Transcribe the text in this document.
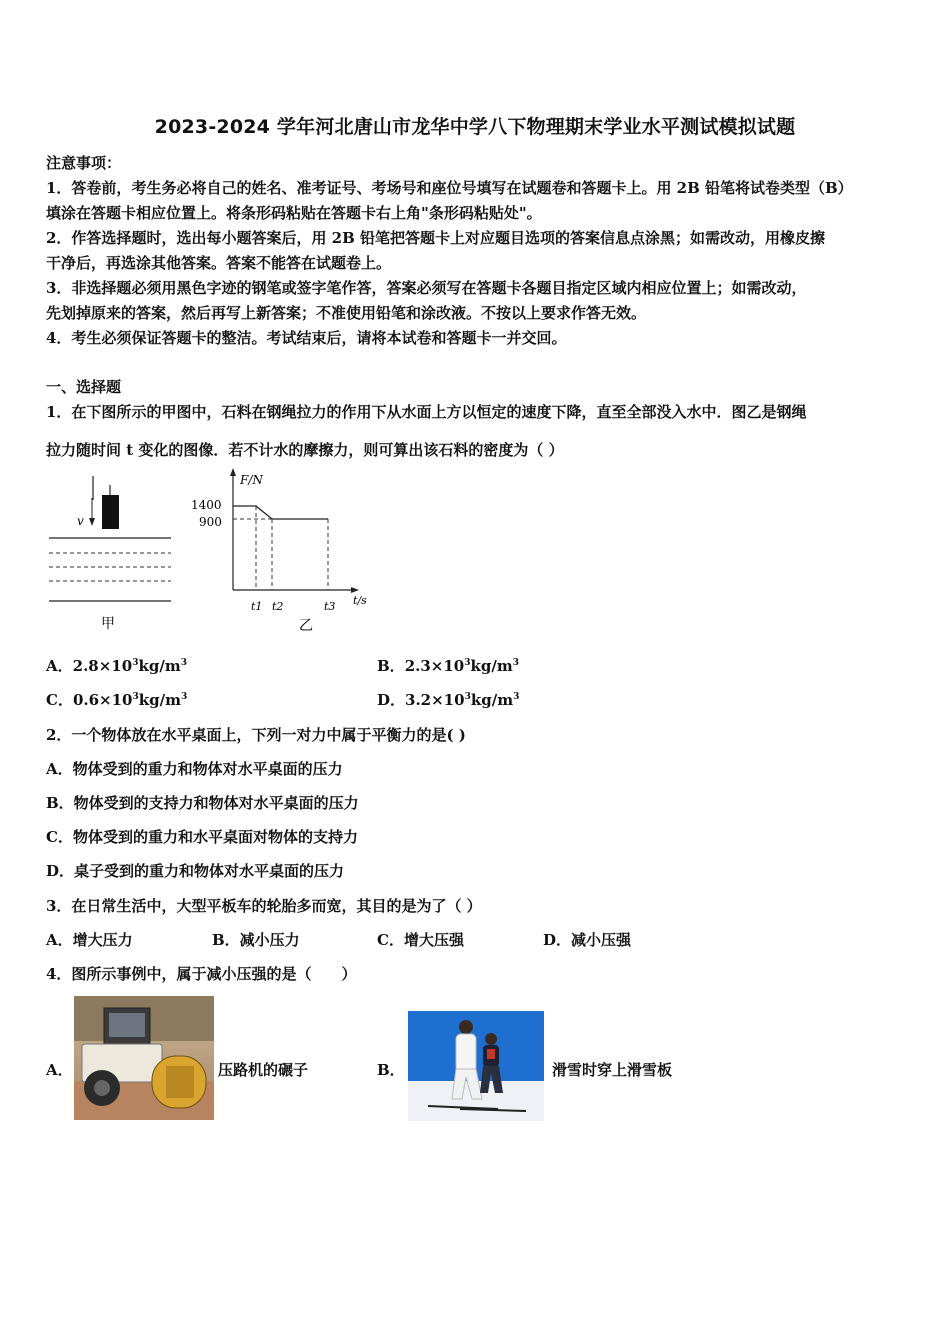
2023-2024 学年河北唐山市龙华中学八下物理期末学业水平测试模拟试题
注意事项：
1．答卷前，考生务必将自己的姓名、准考证号、考场号和座位号填写在试题卷和答题卡上。用 2B 铅笔将试卷类型（B）
填涂在答题卡相应位置上。将条形码粘贴在答题卡右上角"条形码粘贴处"。
2．作答选择题时，选出每小题答案后，用 2B 铅笔把答题卡上对应题目选项的答案信息点涂黑；如需改动，用橡皮擦
干净后，再选涂其他答案。答案不能答在试题卷上。
3．非选择题必须用黑色字迹的钢笔或签字笔作答，答案必须写在答题卡各题目指定区域内相应位置上；如需改动，
先划掉原来的答案，然后再写上新答案；不准使用铅笔和涂改液。不按以上要求作答无效。
4．考生必须保证答题卡的整洁。考试结束后，请将本试卷和答题卡一并交回。
一、选择题
1．在下图所示的甲图中，石料在钢绳拉力的作用下从水面上方以恒定的速度下降，直至全部没入水中．图乙是钢绳
拉力随时间 t 变化的图像．若不计水的摩擦力，则可算出该石料的密度为（ ）
v
甲
F/N
t/s
1400
900
t1 t2	t3
乙
A．$2.8\times 10^3kg/m^3$	B．$2.3\times 10^3kg/m^3$
C．$0.6\times 10^3kg/m^3$	D．$3.2\times 10^3kg/m^3$
2．一个物体放在水平桌面上，下列一对力中属于平衡力的是( )
A．物体受到的重力和物体对水平桌面的压力
B．物体受到的支持力和物体对水平桌面的压力
C．物体受到的重力和水平桌面对物体的支持力
D．桌子受到的重力和物体对水平桌面的压力
3．在日常生活中，大型平板车的轮胎多而宽，其目的是为了（ ）
A．增大压力	B．减小压力	C．增大压强	D．减小压强
4．图所示事例中，属于减小压强的是（　　）
A．	压路机的碾子	B．	滑雪时穿上滑雪板
